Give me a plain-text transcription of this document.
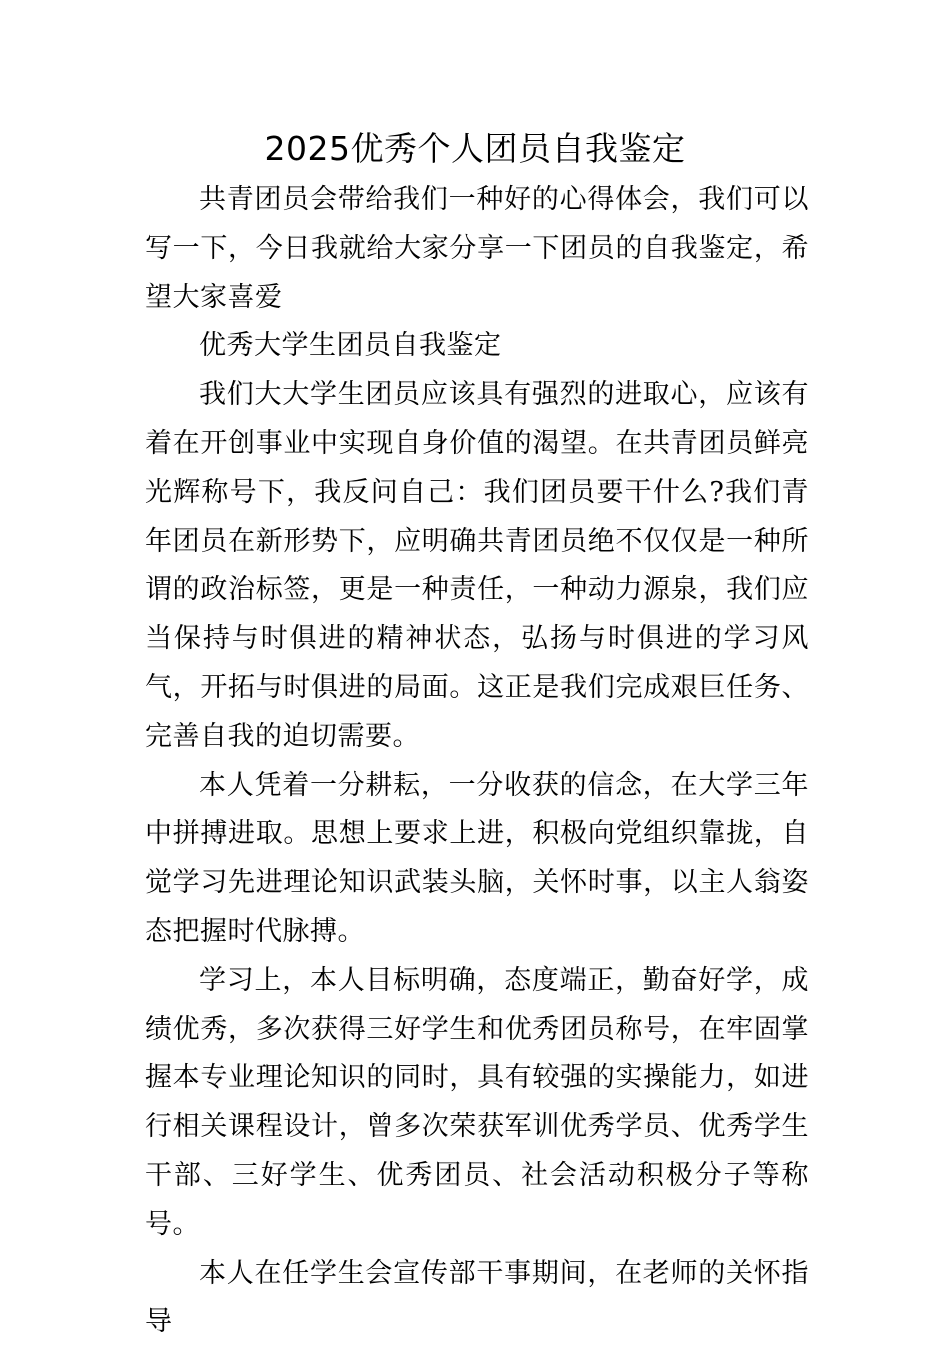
2025优秀个人团员自我鉴定

共青团员会带给我们一种好的心得体会，我们可以写一下，今日我就给大家分享一下团员的自我鉴定，希望大家喜爱

优秀大学生团员自我鉴定

我们大大学生团员应该具有强烈的进取心，应该有着在开创事业中实现自身价值的渴望。在共青团员鲜亮光辉称号下，我反问自己：我们团员要干什么?我们青年团员在新形势下，应明确共青团员绝不仅仅是一种所谓的政治标签，更是一种责任，一种动力源泉，我们应当保持与时俱进的精神状态，弘扬与时俱进的学习风气，开拓与时俱进的局面。这正是我们完成艰巨任务、完善自我的迫切需要。

本人凭着一分耕耘，一分收获的信念，在大学三年中拼搏进取。思想上要求上进，积极向党组织靠拢，自觉学习先进理论知识武装头脑，关怀时事，以主人翁姿态把握时代脉搏。

学习上，本人目标明确，态度端正，勤奋好学，成绩优秀，多次获得三好学生和优秀团员称号，在牢固掌握本专业理论知识的同时，具有较强的实操能力，如进行相关课程设计，曾多次荣获军训优秀学员、优秀学生干部、三好学生、优秀团员、社会活动积极分子等称号。

本人在任学生会宣传部干事期间，在老师的关怀指导
